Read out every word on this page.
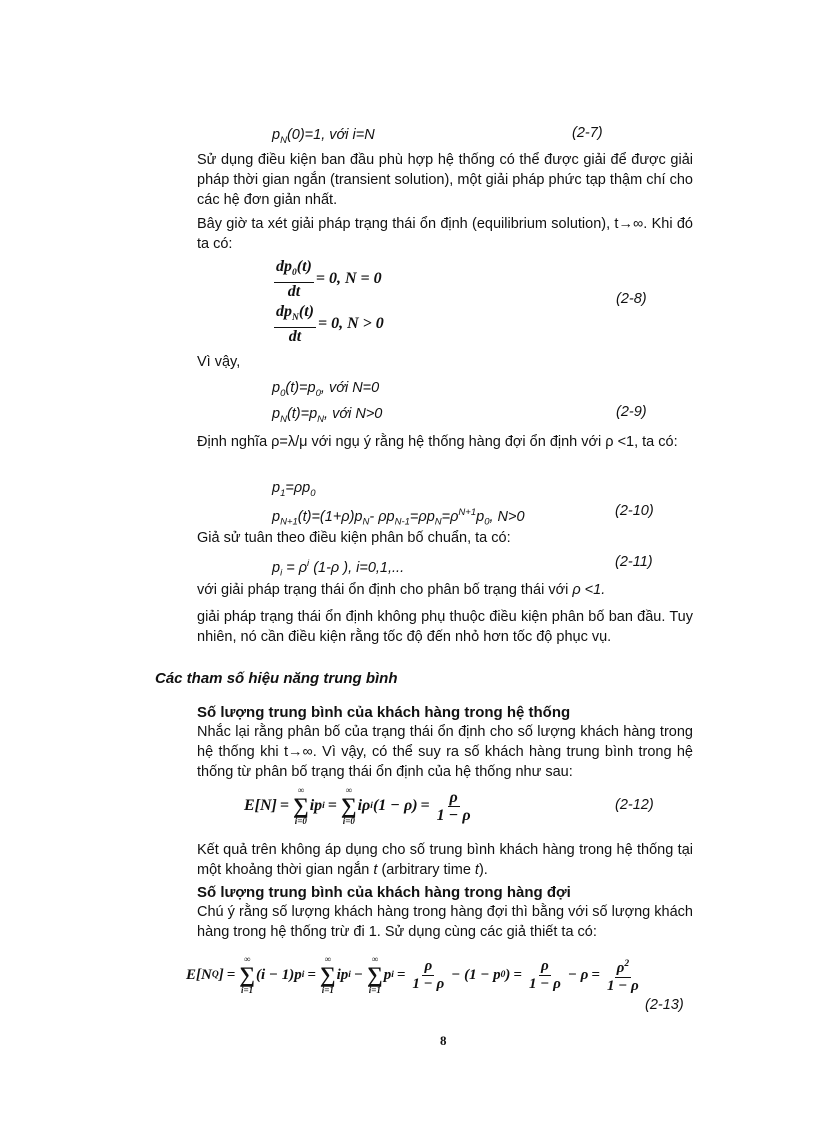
$p_N(0)=1$, với i=N	(2-7)

Sử dụng điều kiện ban đầu phù hợp hệ thống có thể được giải để được giải pháp thời gian ngắn (transient solution), một giải pháp phức tạp thậm chí cho các hệ đơn giản nhất.

Bây giờ ta xét giải pháp trạng thái ổn định (equilibrium solution), t→∞. Khi đó ta có:

$\frac{dp_0(t)}{dt} = 0$, N = 0
$\frac{dp_N(t)}{dt} = 0$, N > 0
(2-8)

Vì vậy,

$p_0(t)=p_0$, với N=0
$p_N(t)=p_N$, với N>0	(2-9)

Định nghĩa ρ=λ/μ với ngụ ý rằng hệ thống hàng đợi ổn định với ρ <1, ta có:

$p_1=\rho p_0$
$p_{N+1}(t)=(1+\rho)p_N-$ $\rho p_{N-1}=\rho p_N=\rho^{N+1}p_0$, N>0	(2-10)

Giả sử tuân theo điều kiện phân bố chuẩn, ta có:

$p_i = \rho^i$ (1-ρ ), i=0,1,...	(2-11)

với giải pháp trạng thái ổn định cho phân bố trạng thái với ρ <1.

giải pháp trạng thái ổn định không phụ thuộc điều kiện phân bố ban đầu. Tuy nhiên, nó cần điều kiện rằng tốc độ đến nhỏ hơn tốc độ phục vụ.

Các tham số hiệu năng trung bình
Số lượng trung bình của khách hàng trong hệ thống

Nhắc lại rằng phân bố của trạng thái ổn định cho số lượng khách hàng trong hệ thống khi t→∞. Vì vậy, có thể suy ra số khách hàng trung bình trong hệ thống từ phân bố trạng thái ổn định của hệ thống như sau:

E[N] =
∞
∑
i=0
ip i =
∞
∑
i=0
iρ i $(1 - \rho) = \frac{\rho}{1 - \rho}$	(2-12)

Kết quả trên không áp dụng cho số trung bình khách hàng trong hệ thống tại một khoảng thời gian ngắn t (arbitrary time t).

Số lượng trung bình của khách hàng trong hàng đợi

Chú ý rằng số lượng khách hàng trong hàng đợi thì bằng với số lượng khách hàng trong hệ thống trừ đi 1. Sử dụng cùng các giả thiết ta có:

E[N Q ] =
∞
∑
i=1
(i − 1)p i =
∞
∑
i=1
ip i −
∞
∑
i=1
p $i = \frac{\rho}{1 - \rho} - (1 - p$ 0 ) = $\frac{\rho}{1 - \rho} - \rho = \frac{\rho^2}{1 - \rho}$
(2-13)
8
